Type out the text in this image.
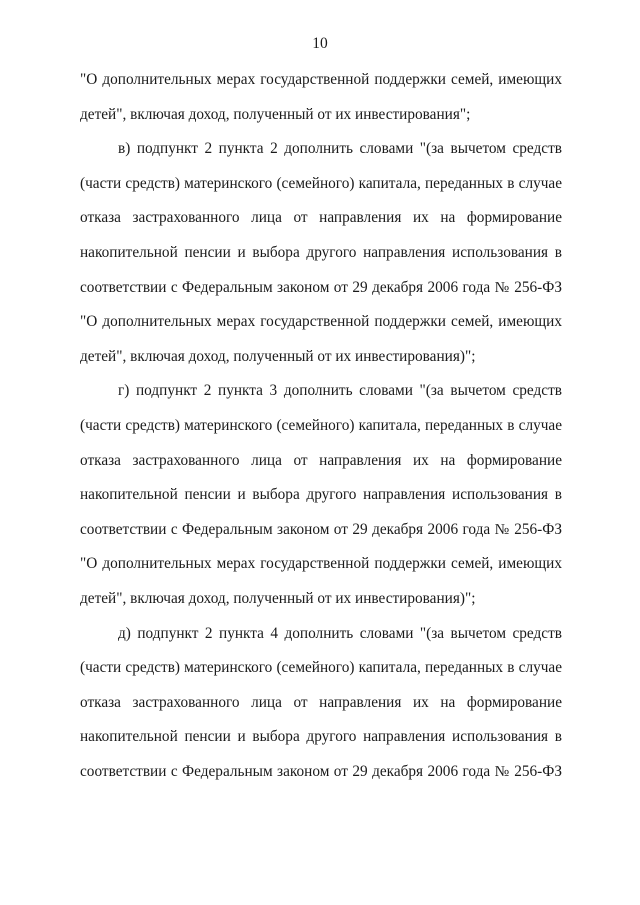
10
"О дополнительных мерах государственной поддержки семей, имеющих
детей", включая доход, полученный от их инвестирования";
в) подпункт 2 пункта 2 дополнить словами "(за вычетом средств
(части средств) материнского (семейного) капитала, переданных в случае
отказа застрахованного лица от направления их на формирование
накопительной пенсии и выбора другого направления использования в
соответствии с Федеральным законом от 29 декабря 2006 года № 256-ФЗ
"О дополнительных мерах государственной поддержки семей, имеющих
детей", включая доход, полученный от их инвестирования)";
г) подпункт 2 пункта 3 дополнить словами "(за вычетом средств
(части средств) материнского (семейного) капитала, переданных в случае
отказа застрахованного лица от направления их на формирование
накопительной пенсии и выбора другого направления использования в
соответствии с Федеральным законом от 29 декабря 2006 года № 256-ФЗ
"О дополнительных мерах государственной поддержки семей, имеющих
детей", включая доход, полученный от их инвестирования)";
д) подпункт 2 пункта 4 дополнить словами "(за вычетом средств
(части средств) материнского (семейного) капитала, переданных в случае
отказа застрахованного лица от направления их на формирование
накопительной пенсии и выбора другого направления использования в
соответствии с Федеральным законом от 29 декабря 2006 года № 256-ФЗ
